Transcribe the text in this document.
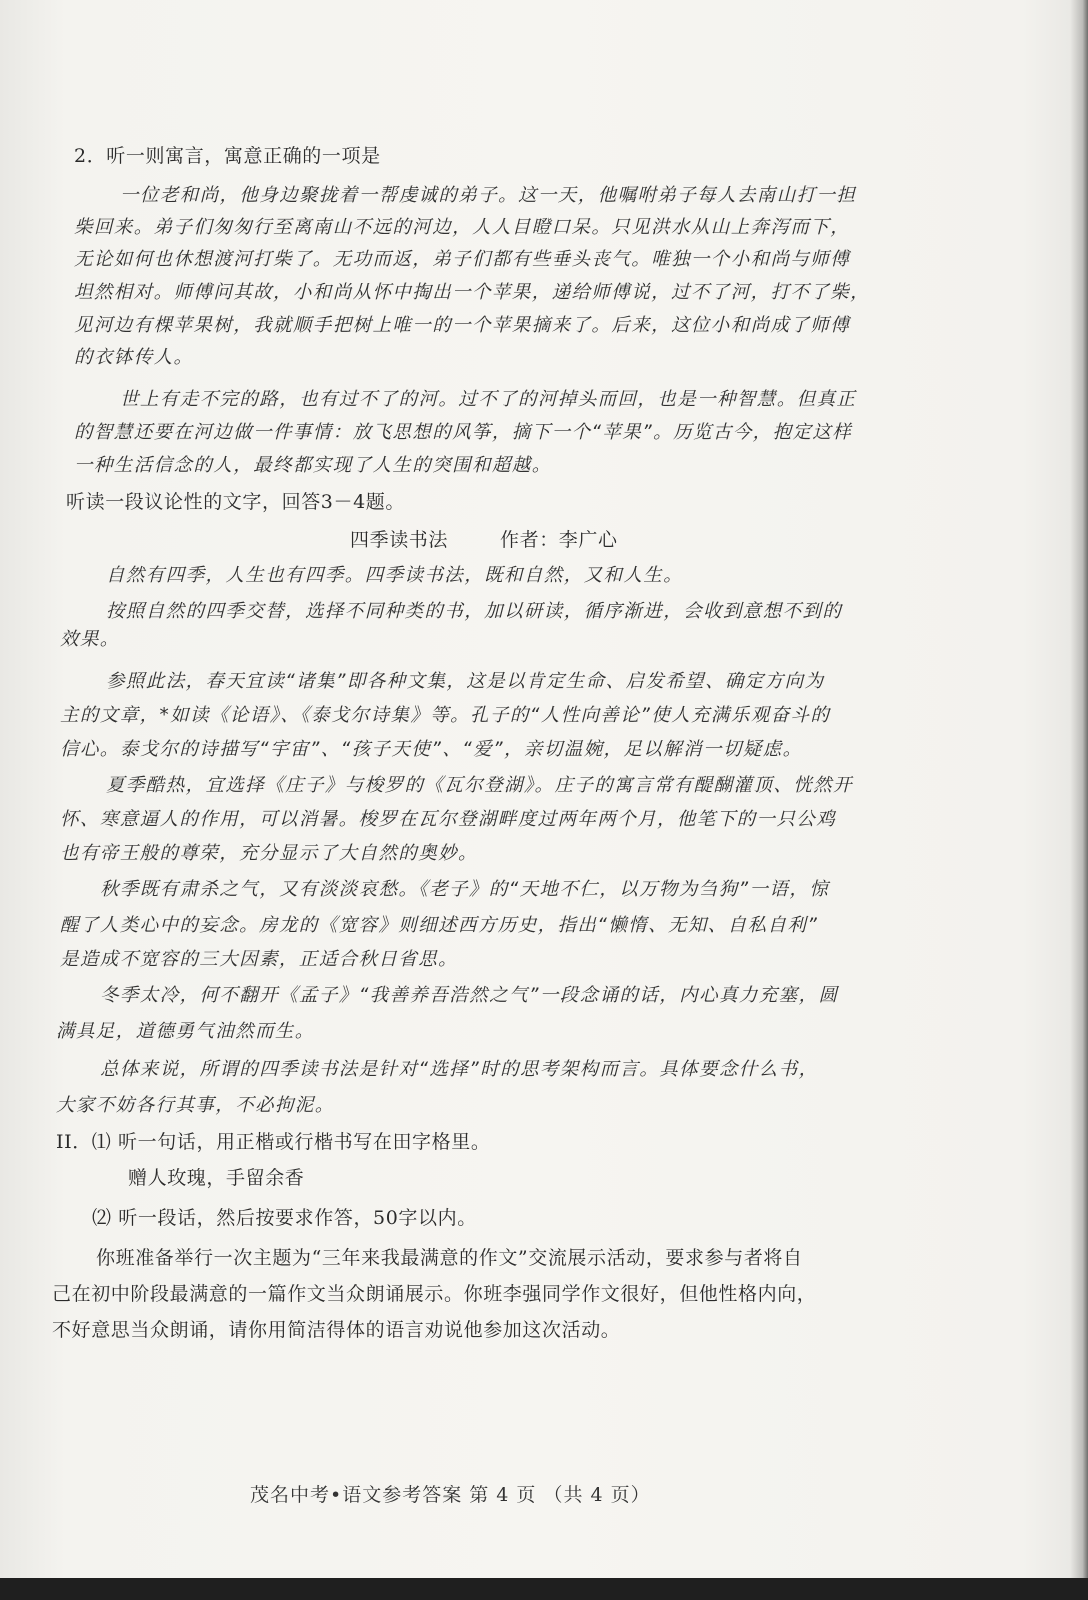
2．听一则寓言，寓意正确的一项是
一位老和尚，他身边聚拢着一帮虔诚的弟子。这一天，他嘱咐弟子每人去南山打一担
柴回来。弟子们匆匆行至离南山不远的河边，人人目瞪口呆。只见洪水从山上奔泻而下，
无论如何也休想渡河打柴了。无功而返，弟子们都有些垂头丧气。唯独一个小和尚与师傅
坦然相对。师傅问其故，小和尚从怀中掏出一个苹果，递给师傅说，过不了河，打不了柴，
见河边有棵苹果树，我就顺手把树上唯一的一个苹果摘来了。后来，这位小和尚成了师傅
的衣钵传人。
世上有走不完的路，也有过不了的河。过不了的河掉头而回，也是一种智慧。但真正
的智慧还要在河边做一件事情：放飞思想的风筝，摘下一个“苹果”。历览古今，抱定这样
一种生活信念的人，最终都实现了人生的突围和超越。
听读一段议论性的文字，回答3－4题。
四季读书法	作者：李广心
自然有四季，人生也有四季。四季读书法，既和自然，又和人生。
按照自然的四季交替，选择不同种类的书，加以研读，循序渐进，会收到意想不到的
效果。
参照此法，春天宜读“诸集”即各种文集，这是以肯定生命、启发希望、确定方向为
主的文章，*如读《论语》、《泰戈尔诗集》等。孔子的“人性向善论”使人充满乐观奋斗的
信心。泰戈尔的诗描写“宇宙”、“孩子天使”、“爱”，亲切温婉，足以解消一切疑虑。
夏季酷热，宜选择《庄子》与梭罗的《瓦尔登湖》。庄子的寓言常有醍醐灌顶、恍然开
怀、寒意逼人的作用，可以消暑。梭罗在瓦尔登湖畔度过两年两个月，他笔下的一只公鸡
也有帝王般的尊荣，充分显示了大自然的奥妙。
秋季既有肃杀之气，又有淡淡哀愁。《老子》的“天地不仁，以万物为刍狗”一语，惊
醒了人类心中的妄念。房龙的《宽容》则细述西方历史，指出“懒惰、无知、自私自利”
是造成不宽容的三大因素，正适合秋日省思。
冬季太冷，何不翻开《孟子》“我善养吾浩然之气”一段念诵的话，内心真力充塞，圆
满具足，道德勇气油然而生。
总体来说，所谓的四季读书法是针对“选择”时的思考架构而言。具体要念什么书，
大家不妨各行其事，不必拘泥。
II．⑴ 听一句话，用正楷或行楷书写在田字格里。
赠人玫瑰，手留余香
⑵ 听一段话，然后按要求作答，50字以内。
你班准备举行一次主题为“三年来我最满意的作文”交流展示活动，要求参与者将自
己在初中阶段最满意的一篇作文当众朗诵展示。你班李强同学作文很好，但他性格内向，
不好意思当众朗诵，请你用简洁得体的语言劝说他参加这次活动。
茂名中考•语文参考答案 第 4 页 （共 4 页）
